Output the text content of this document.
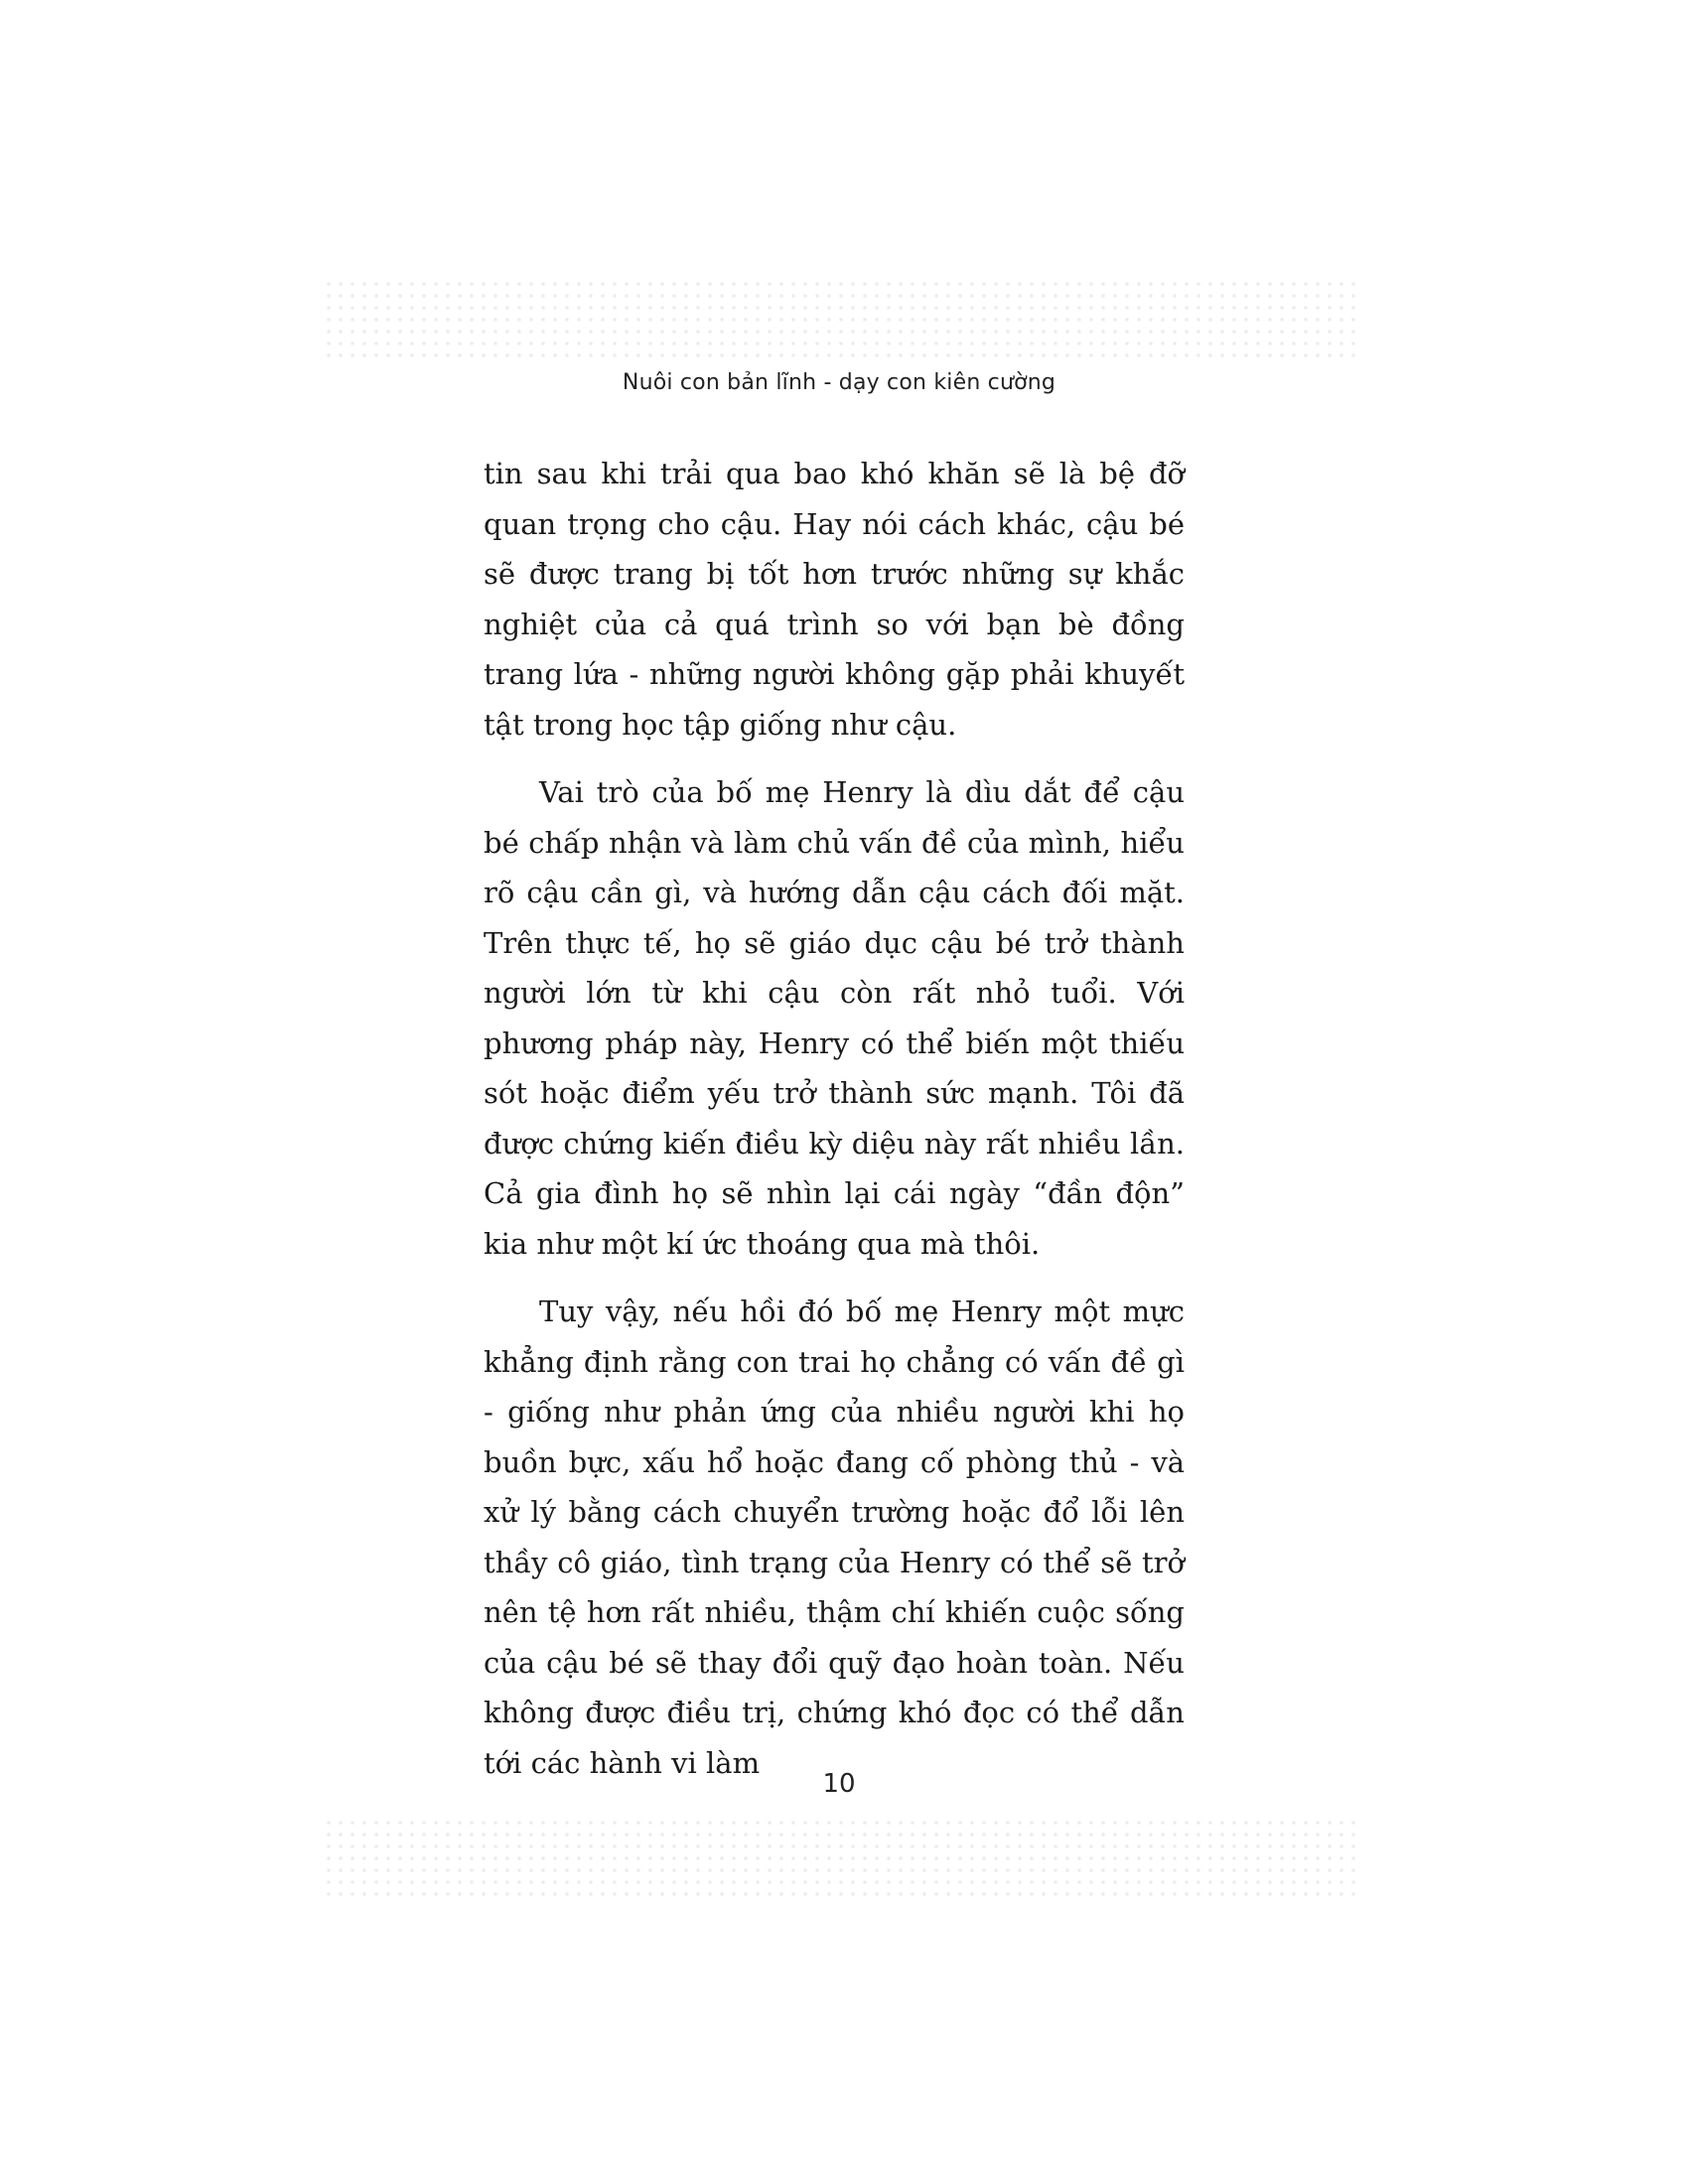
Nuôi con bản lĩnh - dạy con kiên cường

tin sau khi trải qua bao khó khăn sẽ là bệ đỡ quan trọng cho cậu. Hay nói cách khác, cậu bé sẽ được trang bị tốt hơn trước những sự khắc nghiệt của cả quá trình so với bạn bè đồng trang lứa - những người không gặp phải khuyết tật trong học tập giống như cậu.

Vai trò của bố mẹ Henry là dìu dắt để cậu bé chấp nhận và làm chủ vấn đề của mình, hiểu rõ cậu cần gì, và hướng dẫn cậu cách đối mặt. Trên thực tế, họ sẽ giáo dục cậu bé trở thành người lớn từ khi cậu còn rất nhỏ tuổi. Với phương pháp này, Henry có thể biến một thiếu sót hoặc điểm yếu trở thành sức mạnh. Tôi đã được chứng kiến điều kỳ diệu này rất nhiều lần. Cả gia đình họ sẽ nhìn lại cái ngày “đần độn” kia như một kí ức thoáng qua mà thôi.

Tuy vậy, nếu hồi đó bố mẹ Henry một mực khẳng định rằng con trai họ chẳng có vấn đề gì - giống như phản ứng của nhiều người khi họ buồn bực, xấu hổ hoặc đang cố phòng thủ - và xử lý bằng cách chuyển trường hoặc đổ lỗi lên thầy cô giáo, tình trạng của Henry có thể sẽ trở nên tệ hơn rất nhiều, thậm chí khiến cuộc sống của cậu bé sẽ thay đổi quỹ đạo hoàn toàn. Nếu không được điều trị, chứng khó đọc có thể dẫn tới các hành vi làm

10
